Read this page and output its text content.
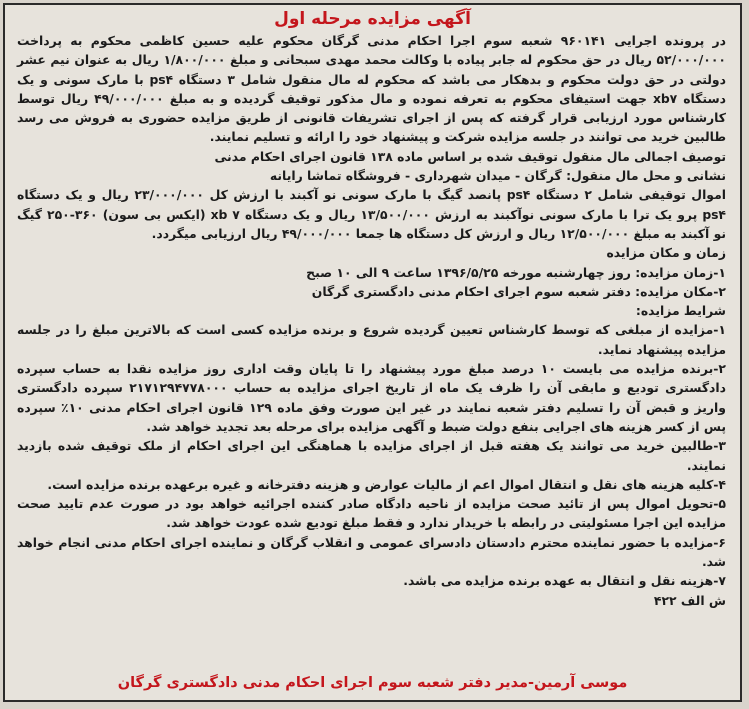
آگهی مزایده مرحله اول

در پرونده اجرایی ۹۶۰۱۴۱ شعبه سوم اجرا احکام مدنی گرگان محکوم علیه حسین کاظمی محکوم به پرداخت ۵۲/۰۰۰/۰۰۰ ریال در حق محکوم له جابر پیاده با وکالت محمد مهدی سبحانی و مبلغ ۱/۸۰۰/۰۰۰ ریال به عنوان نیم عشر دولتی در حق دولت محکوم و بدهکار می باشد که محکوم له مال منقول شامل ۳ دستگاه ps۴ با مارک سونی و یک دستگاه xb۷ جهت استیفای محکوم به تعرفه نموده و مال مذکور توقیف گردیده و به مبلغ ۴۹/۰۰۰/۰۰۰ ریال توسط کارشناس مورد ارزیابی قرار گرفته که پس از اجرای تشریفات قانونی از طریق مزایده حضوری به فروش می رسد طالبین خرید می توانند در جلسه مزایده شرکت و پیشنهاد خود را ارائه و تسلیم نمایند.

توصیف اجمالی مال منقول توقیف شده بر اساس ماده ۱۳۸ قانون اجرای احکام مدنی

نشانی و محل مال منقول: گرگان - میدان شهرداری - فروشگاه تماشا رایانه

اموال توقیفی شامل ۲ دستگاه ps۴ پانصد گیگ با مارک سونی نو آکبند با ارزش کل ۲۳/۰۰۰/۰۰۰ ریال و یک دستگاه ps۴ پرو یک ترا با مارک سونی نوآکبند به ارزش ۱۳/۵۰۰/۰۰۰ ریال و یک دستگاه xb ۷ (ایکس بی سون) ۳۶۰-۲۵۰ گیگ نو آکبند به مبلغ ۱۲/۵۰۰/۰۰۰ ریال و ارزش کل دستگاه ها جمعا ۴۹/۰۰۰/۰۰۰ ریال ارزیابی میگردد.

زمان و مکان مزایده

۱-زمان مزایده: روز چهارشنبه مورخه ۱۳۹۶/۵/۲۵ ساعت ۹ الی ۱۰ صبح

۲-مکان مزایده: دفتر شعبه سوم اجرای احکام مدنی دادگستری گرگان

شرایط مزایده:

۱-مزایده از مبلغی که توسط کارشناس تعیین گردیده شروع و برنده مزایده کسی است که بالاترین مبلغ را در جلسه مزایده پیشنهاد نماید.

۲-برنده مزایده می بایست ۱۰ درصد مبلغ مورد پیشنهاد را تا پایان وقت اداری روز مزایده نقدا به حساب سپرده دادگستری تودیع و مابقی آن را ظرف یک ماه از تاریخ اجرای مزایده به حساب ۲۱۷۱۲۹۴۷۷۸۰۰۰ سپرده دادگستری واریز و قبض آن را تسلیم دفتر شعبه نمایند در غیر این صورت وفق ماده ۱۲۹ قانون اجرای احکام مدنی ۱۰٪ سپرده پس از کسر هزینه های اجرایی بنفع دولت ضبط و آگهی مزایده برای مرحله بعد تجدید خواهد شد.

۳-طالبین خرید می توانند یک هفته قبل از اجرای مزایده با هماهنگی این اجرای احکام از ملک توقیف شده بازدید نمایند.

۴-کلیه هزینه های نقل و انتقال اموال اعم از مالیات عوارض و هزینه دفترخانه و غیره برعهده برنده مزایده است.

۵-تحویل اموال پس از تائید صحت مزایده از ناحیه دادگاه صادر کننده اجرائیه خواهد بود در صورت عدم تایید صحت مزایده این اجرا مسئولیتی در رابطه با خریدار ندارد و فقط مبلغ تودیع شده عودت خواهد شد.

۶-مزایده با حضور نماینده محترم دادستان دادسرای عمومی و انقلاب گرگان و نماینده اجرای احکام مدنی انجام خواهد شد.

۷-هزینه نقل و انتقال به عهده برنده مزایده می باشد.

ش الف ۴۲۲

موسی آرمین-مدیر دفتر شعبه سوم اجرای احکام مدنی دادگستری گرگان
